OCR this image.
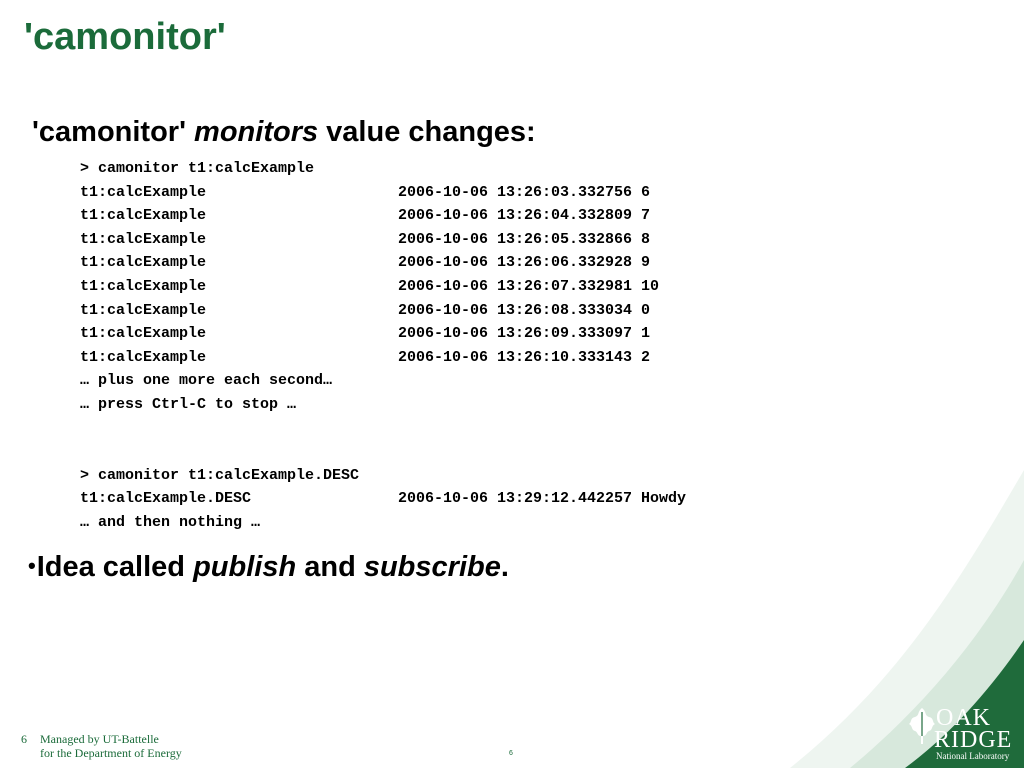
'camonitor'

'camonitor' monitors value changes:

> camonitor t1:calcExample
t1:calcExample	2006-10-06 13:26:03.332756 6
t1:calcExample	2006-10-06 13:26:04.332809 7
t1:calcExample	2006-10-06 13:26:05.332866 8
t1:calcExample	2006-10-06 13:26:06.332928 9
t1:calcExample	2006-10-06 13:26:07.332981 10
t1:calcExample	2006-10-06 13:26:08.333034 0
t1:calcExample	2006-10-06 13:26:09.333097 1
t1:calcExample	2006-10-06 13:26:10.333143 2
… plus one more each second…
… press Ctrl-C to stop …
> camonitor t1:calcExample.DESC
t1:calcExample.DESC	2006-10-06 13:29:12.442257 Howdy
… and then nothing …

•Idea called publish and subscribe.

6 Managed by UT-Battelle
for the Department of Energy	6
OAK
RIDGE
National Laboratory
